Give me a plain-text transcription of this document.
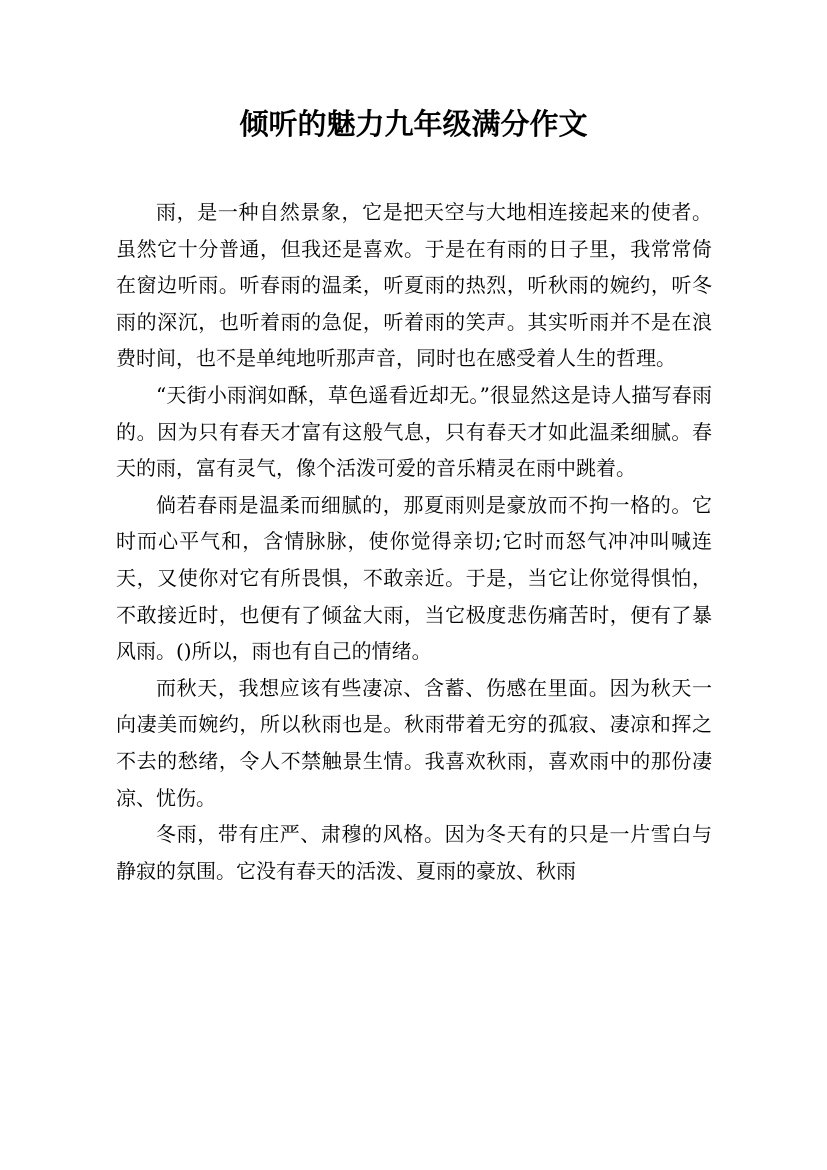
倾听的魅力九年级满分作文

雨，是一种自然景象，它是把天空与大地相连接起来的使者。虽然它十分普通，但我还是喜欢。于是在有雨的日子里，我常常倚在窗边听雨。听春雨的温柔，听夏雨的热烈，听秋雨的婉约，听冬雨的深沉，也听着雨的急促，听着雨的笑声。其实听雨并不是在浪费时间，也不是单纯地听那声音，同时也在感受着人生的哲理。

“天街小雨润如酥，草色遥看近却无。”很显然这是诗人描写春雨的。因为只有春天才富有这般气息，只有春天才如此温柔细腻。春天的雨，富有灵气，像个活泼可爱的音乐精灵在雨中跳着。

倘若春雨是温柔而细腻的，那夏雨则是豪放而不拘一格的。它时而心平气和，含情脉脉，使你觉得亲切;它时而怒气冲冲叫喊连天，又使你对它有所畏惧，不敢亲近。于是，当它让你觉得惧怕，不敢接近时，也便有了倾盆大雨，当它极度悲伤痛苦时，便有了暴风雨。()所以，雨也有自己的情绪。

而秋天，我想应该有些凄凉、含蓄、伤感在里面。因为秋天一向凄美而婉约，所以秋雨也是。秋雨带着无穷的孤寂、凄凉和挥之不去的愁绪，令人不禁触景生情。我喜欢秋雨，喜欢雨中的那份凄凉、忧伤。

冬雨，带有庄严、肃穆的风格。因为冬天有的只是一片雪白与静寂的氛围。它没有春天的活泼、夏雨的豪放、秋雨
